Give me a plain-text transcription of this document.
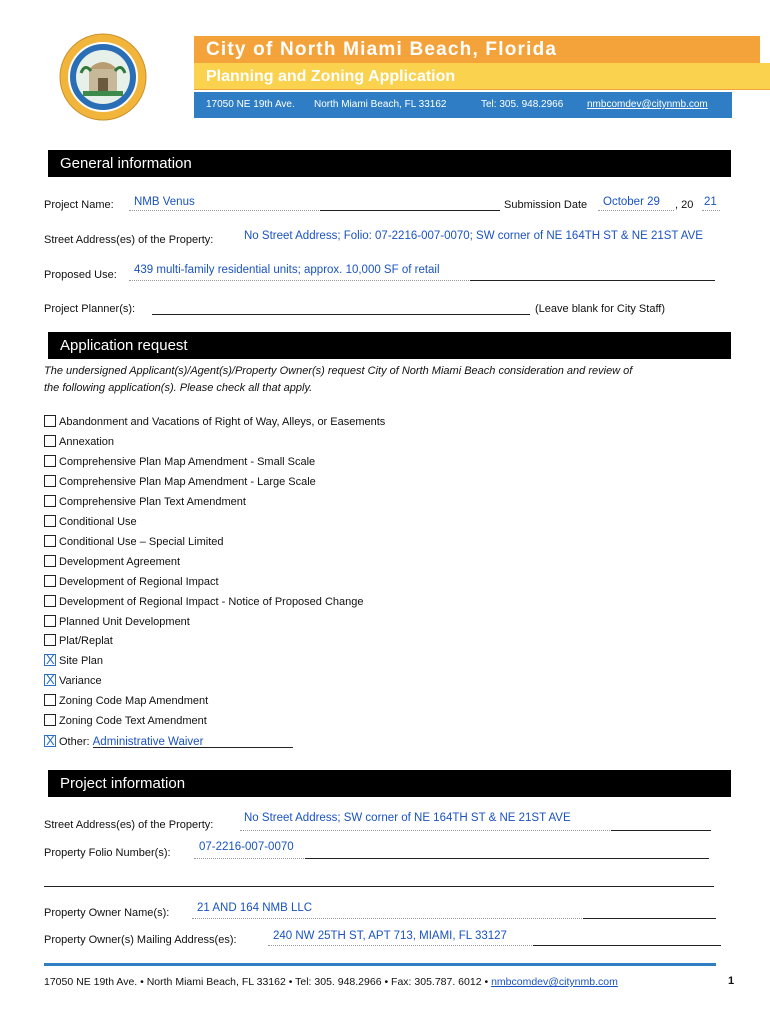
City of North Miami Beach, Florida
Planning and Zoning Application
17050 NE 19th Ave. North Miami Beach, FL 33162	Tel: 305. 948.2966 nmbcomdev@citynmb.com
General information
Project Name: NMB Venus	Submission Date October 29 , 20 21
Street Address(es) of the Property:	No Street Address; Folio: 07-2216-007-0070; SW corner of NE 164TH ST & NE 21ST AVE
Proposed Use: 439 multi-family residential units; approx. 10,000 SF of retail
Project Planner(s):	(Leave blank for City Staff)
Application request
The undersigned Applicant(s)/Agent(s)/Property Owner(s) request City of North Miami Beach consideration and review of
the following application(s). Please check all that apply.
Abandonment and Vacations of Right of Way, Alleys, or Easements
Annexation
Comprehensive Plan Map Amendment - Small Scale
Comprehensive Plan Map Amendment - Large Scale
Comprehensive Plan Text Amendment
Conditional Use
Conditional Use – Special Limited
Development Agreement
Development of Regional Impact
Development of Regional Impact - Notice of Proposed Change
Planned Unit Development
Plat/Replat
X Site Plan
X Variance
Zoning Code Map Amendment
Zoning Code Text Amendment
X Other: Administrative Waiver
Project information
Street Address(es) of the Property:
No Street Address; SW corner of NE 164TH ST & NE 21ST AVE
Property Folio Number(s): 07-2216-007-0070
Property Owner Name(s): 21 AND 164 NMB LLC
Property Owner(s) Mailing Address(es):	240 NW 25TH ST, APT 713, MIAMI, FL 33127
17050 NE 19th Ave. • North Miami Beach, FL 33162 • Tel: 305. 948.2966 • Fax: 305.787. 6012 • nmbcomdev@citynmb.com	1
